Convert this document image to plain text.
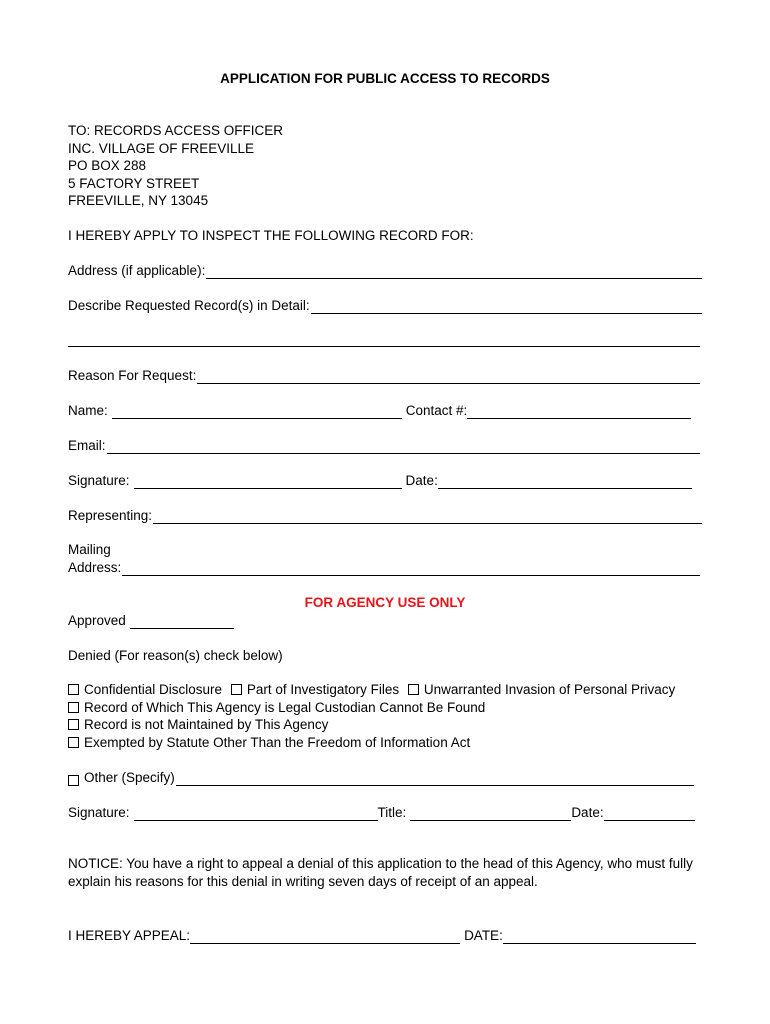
APPLICATION FOR PUBLIC ACCESS TO RECORDS
TO: RECORDS ACCESS OFFICER
INC. VILLAGE OF FREEVILLE
PO BOX 288
5 FACTORY STREET
FREEVILLE, NY 13045
I HEREBY APPLY TO INSPECT THE FOLLOWING RECORD FOR:
Address (if applicable):
Describe Requested Record(s) in Detail:
Reason For Request:
Name:	Contact #:
Email:
Signature:	Date:
Representing:
Mailing
Address:
FOR AGENCY USE ONLY
Approved
Denied (For reason(s) check below)
Confidential Disclosure Part of Investigatory Files Unwarranted Invasion of Personal Privacy
Record of Which This Agency is Legal Custodian Cannot Be Found
Record is not Maintained by This Agency
Exempted by Statute Other Than the Freedom of Information Act
Other (Specify)
Signature:	Title:	Date:
NOTICE: You have a right to appeal a denial of this application to the head of this Agency, who must fully explain his reasons for this denial in writing seven days of receipt of an appeal.
I HEREBY APPEAL:	DATE:
